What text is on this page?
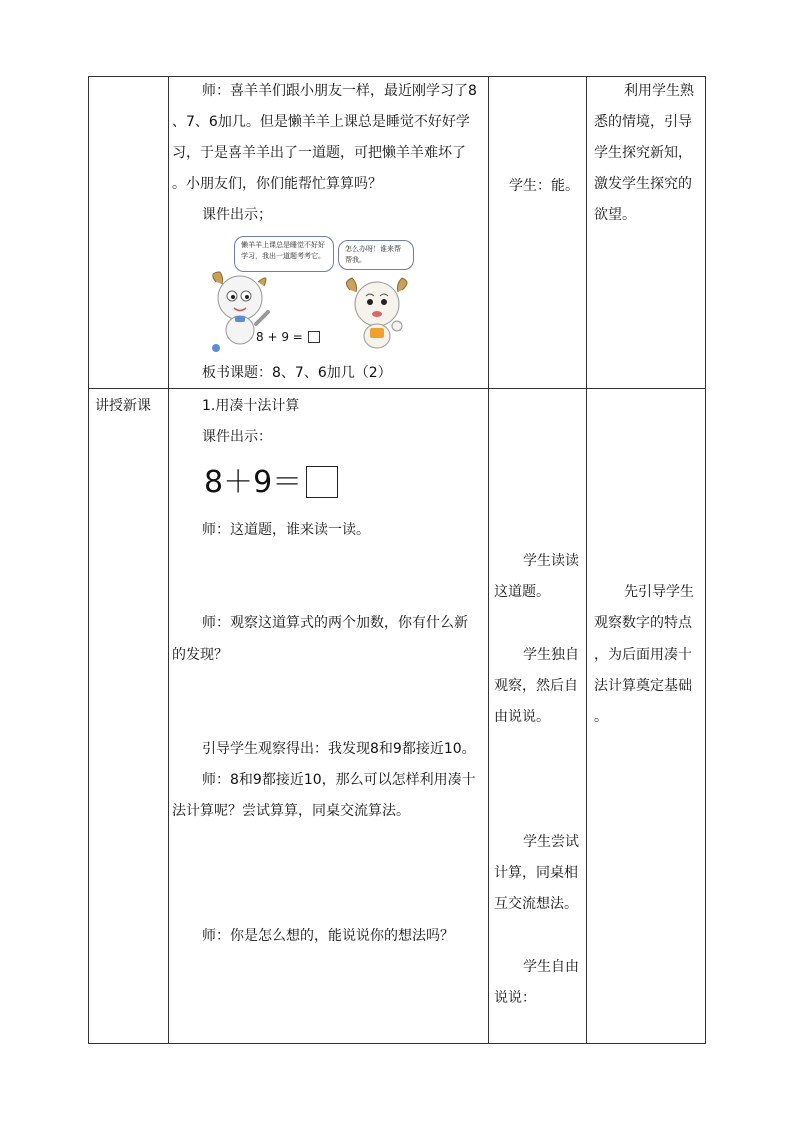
师：喜羊羊们跟小朋友一样，最近刚学习了8
、7、6加几。但是懒羊羊上课总是睡觉不好好学
习，于是喜羊羊出了一道题，可把懒羊羊难坏了
。小朋友们，你们能帮忙算算吗？
课件出示；
懒羊羊上课总是睡觉不好好学习，我出一道题考考它。
怎么办呀！谁来帮帮我。
8 + 9 =
板书课题：8、7、6加几（2）
学生：能。
利用学生熟
悉的情境，引导
学生探究新知，
激发学生探究的
欲望。
讲授新课	1.用凑十法计算
课件出示：
8＋9＝
师：这道题，谁来读一读。
师：观察这道算式的两个加数，你有什么新
的发现？
引导学生观察得出：我发现8和9都接近10。
师：8和9都接近10，那么可以怎样利用凑十
法计算呢？尝试算算，同桌交流算法。
师：你是怎么想的，能说说你的想法吗？
学生读读
这道题。
学生独自
观察，然后自
由说说。
学生尝试
计算，同桌相
互交流想法。
学生自由
说说：
先引导学生
观察数字的特点
，为后面用凑十
法计算奠定基础
。
